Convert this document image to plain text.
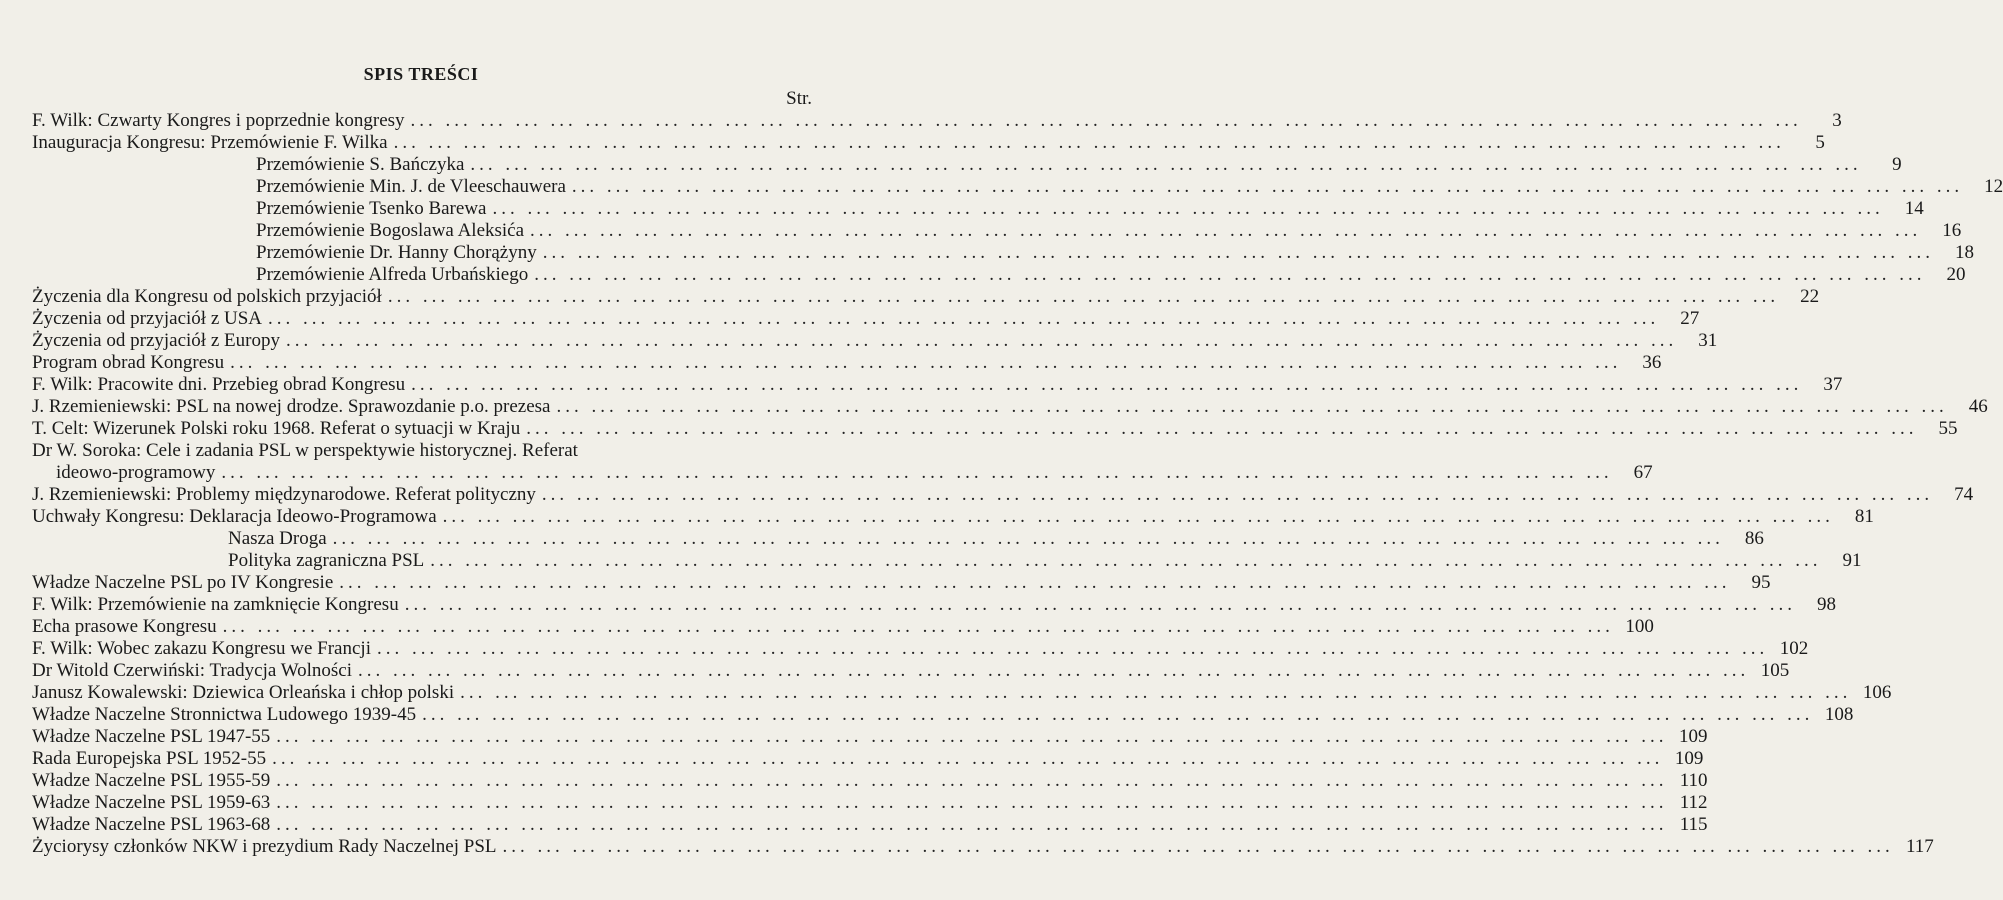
SPIS TREŚCI
Str.
F. Wilk: Czwarty Kongres i poprzednie kongresy ... ... ... ... ... ... ... ... ... ... ... ... ... ... ... ... ... ... ... ... ... ... ... ... ... ... ... ... ... ... ... ... ... ... ... ... ... ... ... ...	3
Inauguracja Kongresu: Przemówienie F. Wilka ... ... ... ... ... ... ... ... ... ... ... ... ... ... ... ... ... ... ... ... ... ... ... ... ... ... ... ... ... ... ... ... ... ... ... ... ... ... ... ...	5
Przemówienie S. Bańczyka ... ... ... ... ... ... ... ... ... ... ... ... ... ... ... ... ... ... ... ... ... ... ... ... ... ... ... ... ... ... ... ... ... ... ... ... ... ... ... ...	9
Przemówienie Min. J. de Vleeschauwera ... ... ... ... ... ... ... ... ... ... ... ... ... ... ... ... ... ... ... ... ... ... ... ... ... ... ... ... ... ... ... ... ... ... ... ... ... ... ... ...	12
Przemówienie Tsenko Barewa ... ... ... ... ... ... ... ... ... ... ... ... ... ... ... ... ... ... ... ... ... ... ... ... ... ... ... ... ... ... ... ... ... ... ... ... ... ... ... ...	14
Przemówienie Bogoslawa Aleksića ... ... ... ... ... ... ... ... ... ... ... ... ... ... ... ... ... ... ... ... ... ... ... ... ... ... ... ... ... ... ... ... ... ... ... ... ... ... ... ...	16
Przemówienie Dr. Hanny Chorążyny ... ... ... ... ... ... ... ... ... ... ... ... ... ... ... ... ... ... ... ... ... ... ... ... ... ... ... ... ... ... ... ... ... ... ... ... ... ... ... ...	18
Przemówienie Alfreda Urbańskiego ... ... ... ... ... ... ... ... ... ... ... ... ... ... ... ... ... ... ... ... ... ... ... ... ... ... ... ... ... ... ... ... ... ... ... ... ... ... ... ...	20
Życzenia dla Kongresu od polskich przyjaciół ... ... ... ... ... ... ... ... ... ... ... ... ... ... ... ... ... ... ... ... ... ... ... ... ... ... ... ... ... ... ... ... ... ... ... ... ... ... ... ...	22
Życzenia od przyjaciół z USA ... ... ... ... ... ... ... ... ... ... ... ... ... ... ... ... ... ... ... ... ... ... ... ... ... ... ... ... ... ... ... ... ... ... ... ... ... ... ... ...	27
Życzenia od przyjaciół z Europy ... ... ... ... ... ... ... ... ... ... ... ... ... ... ... ... ... ... ... ... ... ... ... ... ... ... ... ... ... ... ... ... ... ... ... ... ... ... ... ...	31
Program obrad Kongresu ... ... ... ... ... ... ... ... ... ... ... ... ... ... ... ... ... ... ... ... ... ... ... ... ... ... ... ... ... ... ... ... ... ... ... ... ... ... ... ...	36
F. Wilk: Pracowite dni. Przebieg obrad Kongresu ... ... ... ... ... ... ... ... ... ... ... ... ... ... ... ... ... ... ... ... ... ... ... ... ... ... ... ... ... ... ... ... ... ... ... ... ... ... ... ...	37
J. Rzemieniewski: PSL na nowej drodze. Sprawozdanie p.o. prezesa ... ... ... ... ... ... ... ... ... ... ... ... ... ... ... ... ... ... ... ... ... ... ... ... ... ... ... ... ... ... ... ... ... ... ... ... ... ... ... ...	46
T. Celt: Wizerunek Polski roku 1968. Referat o sytuacji w Kraju ... ... ... ... ... ... ... ... ... ... ... ... ... ... ... ... ... ... ... ... ... ... ... ... ... ... ... ... ... ... ... ... ... ... ... ... ... ... ... ...	55
Dr W. Soroka: Cele i zadania PSL w perspektywie historycznej. Referat
ideowo-programowy ... ... ... ... ... ... ... ... ... ... ... ... ... ... ... ... ... ... ... ... ... ... ... ... ... ... ... ... ... ... ... ... ... ... ... ... ... ... ... ...	67
J. Rzemieniewski: Problemy międzynarodowe. Referat polityczny ... ... ... ... ... ... ... ... ... ... ... ... ... ... ... ... ... ... ... ... ... ... ... ... ... ... ... ... ... ... ... ... ... ... ... ... ... ... ... ...	74
Uchwały Kongresu: Deklaracja Ideowo-Programowa ... ... ... ... ... ... ... ... ... ... ... ... ... ... ... ... ... ... ... ... ... ... ... ... ... ... ... ... ... ... ... ... ... ... ... ... ... ... ... ...	81
Nasza Droga ... ... ... ... ... ... ... ... ... ... ... ... ... ... ... ... ... ... ... ... ... ... ... ... ... ... ... ... ... ... ... ... ... ... ... ... ... ... ... ...	86
Polityka zagraniczna PSL ... ... ... ... ... ... ... ... ... ... ... ... ... ... ... ... ... ... ... ... ... ... ... ... ... ... ... ... ... ... ... ... ... ... ... ... ... ... ... ...	91
Władze Naczelne PSL po IV Kongresie ... ... ... ... ... ... ... ... ... ... ... ... ... ... ... ... ... ... ... ... ... ... ... ... ... ... ... ... ... ... ... ... ... ... ... ... ... ... ... ...	95
F. Wilk: Przemówienie na zamknięcie Kongresu ... ... ... ... ... ... ... ... ... ... ... ... ... ... ... ... ... ... ... ... ... ... ... ... ... ... ... ... ... ... ... ... ... ... ... ... ... ... ... ...	98
Echa prasowe Kongresu ... ... ... ... ... ... ... ... ... ... ... ... ... ... ... ... ... ... ... ... ... ... ... ... ... ... ... ... ... ... ... ... ... ... ... ... ... ... ... ... 100
F. Wilk: Wobec zakazu Kongresu we Francji ... ... ... ... ... ... ... ... ... ... ... ... ... ... ... ... ... ... ... ... ... ... ... ... ... ... ... ... ... ... ... ... ... ... ... ... ... ... ... ... 102
Dr Witold Czerwiński: Tradycja Wolności ... ... ... ... ... ... ... ... ... ... ... ... ... ... ... ... ... ... ... ... ... ... ... ... ... ... ... ... ... ... ... ... ... ... ... ... ... ... ... ... 105
Janusz Kowalewski: Dziewica Orleańska i chłop polski ... ... ... ... ... ... ... ... ... ... ... ... ... ... ... ... ... ... ... ... ... ... ... ... ... ... ... ... ... ... ... ... ... ... ... ... ... ... ... ... 106
Władze Naczelne Stronnictwa Ludowego 1939-45 ... ... ... ... ... ... ... ... ... ... ... ... ... ... ... ... ... ... ... ... ... ... ... ... ... ... ... ... ... ... ... ... ... ... ... ... ... ... ... ... 108
Władze Naczelne PSL 1947-55 ... ... ... ... ... ... ... ... ... ... ... ... ... ... ... ... ... ... ... ... ... ... ... ... ... ... ... ... ... ... ... ... ... ... ... ... ... ... ... ... 109
Rada Europejska PSL 1952-55 ... ... ... ... ... ... ... ... ... ... ... ... ... ... ... ... ... ... ... ... ... ... ... ... ... ... ... ... ... ... ... ... ... ... ... ... ... ... ... ... 109
Władze Naczelne PSL 1955-59 ... ... ... ... ... ... ... ... ... ... ... ... ... ... ... ... ... ... ... ... ... ... ... ... ... ... ... ... ... ... ... ... ... ... ... ... ... ... ... ... 110
Władze Naczelne PSL 1959-63 ... ... ... ... ... ... ... ... ... ... ... ... ... ... ... ... ... ... ... ... ... ... ... ... ... ... ... ... ... ... ... ... ... ... ... ... ... ... ... ... 112
Władze Naczelne PSL 1963-68 ... ... ... ... ... ... ... ... ... ... ... ... ... ... ... ... ... ... ... ... ... ... ... ... ... ... ... ... ... ... ... ... ... ... ... ... ... ... ... ... 115
Życiorysy członków NKW i prezydium Rady Naczelnej PSL ... ... ... ... ... ... ... ... ... ... ... ... ... ... ... ... ... ... ... ... ... ... ... ... ... ... ... ... ... ... ... ... ... ... ... ... ... ... ... ... 117
